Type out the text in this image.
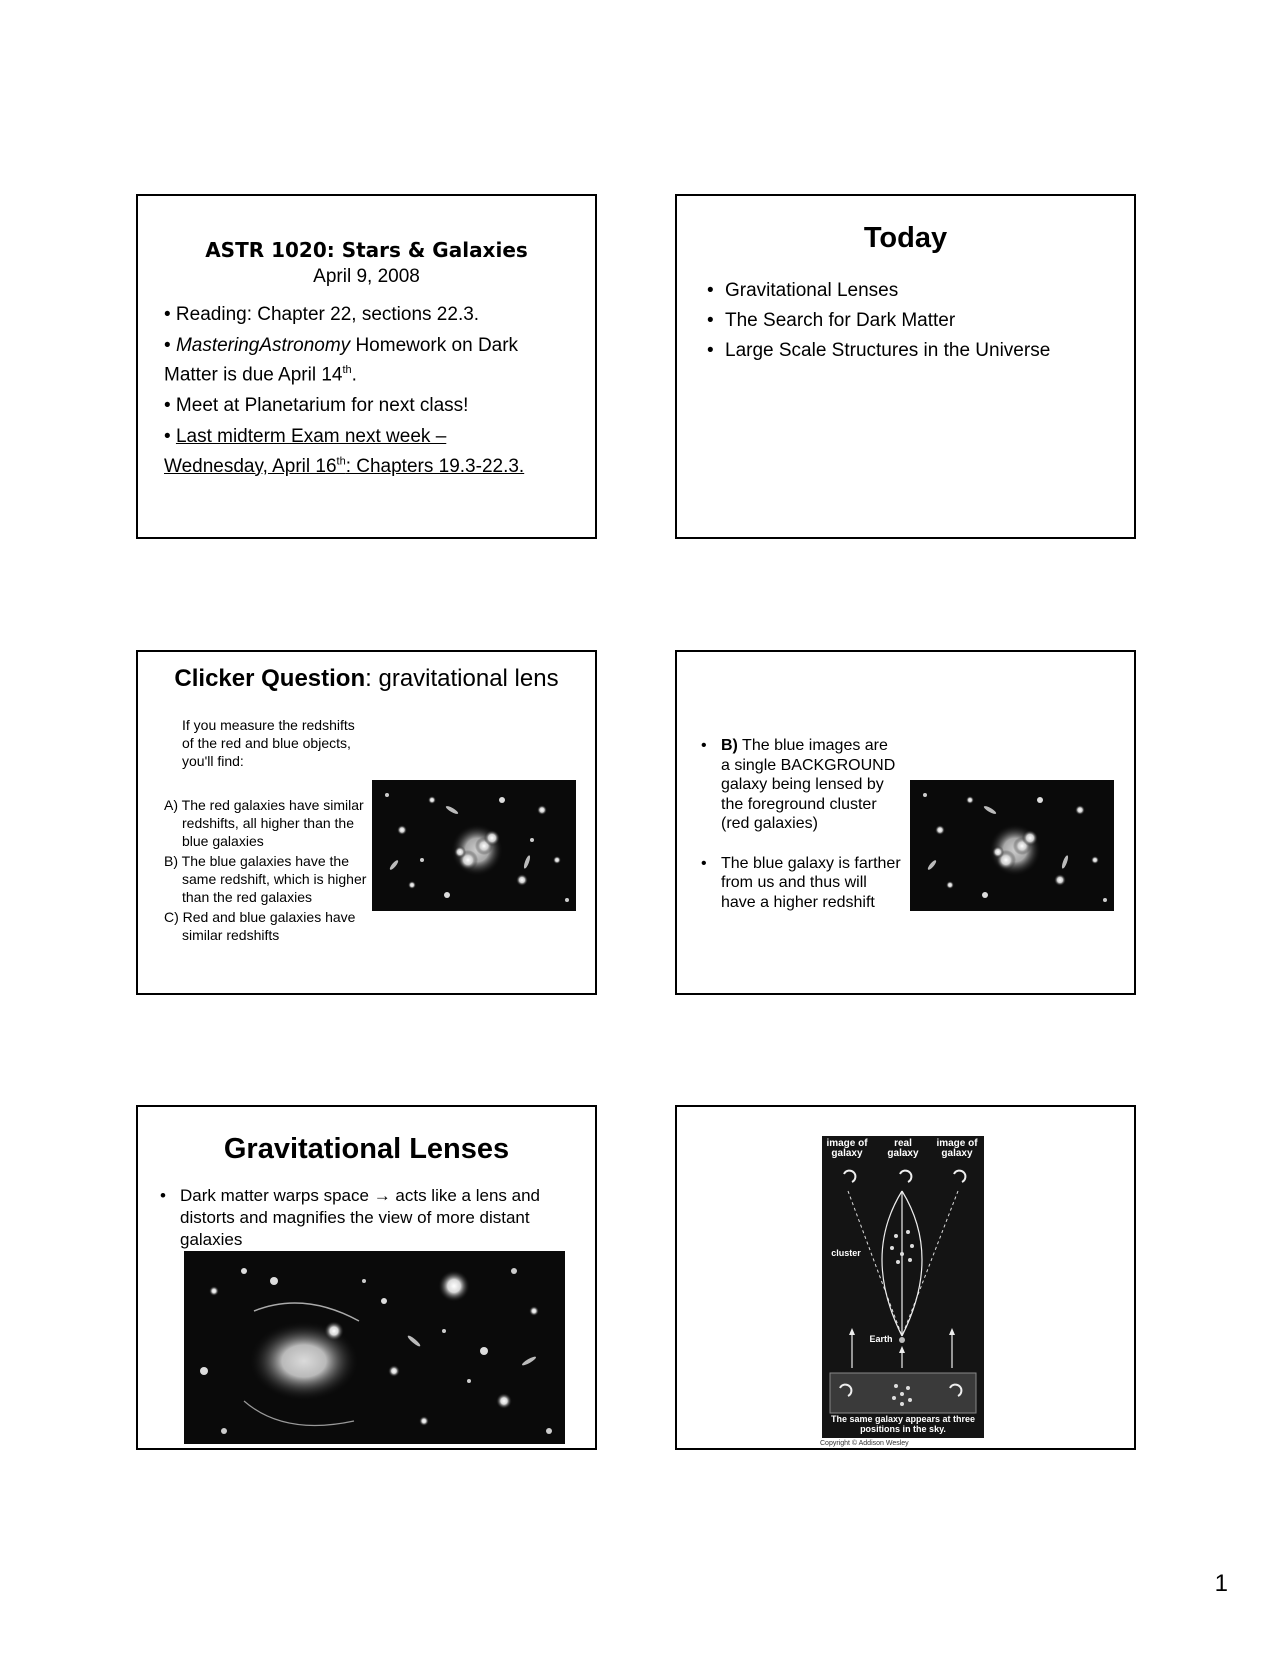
ASTR 1020: Stars & Galaxies
April 9, 2008
• Reading: Chapter 22, sections 22.3.
• MasteringAstronomy Homework on Dark Matter is due April 14th.
• Meet at Planetarium for next class!
• Last midterm Exam next week –
Wednesday, April 16th: Chapters 19.3-22.3.
Today
• Gravitational Lenses
• The Search for Dark Matter
• Large Scale Structures in the Universe
Clicker Question: gravitational lens
If you measure the redshifts of the red and blue objects, you'll find:
A) The red galaxies have similar redshifts, all higher than the blue galaxies
B) The blue galaxies have the same redshift, which is higher than the red galaxies
C) Red and blue galaxies have similar redshifts
• B) The blue images are a single BACKGROUND galaxy being lensed by the foreground cluster (red galaxies)
• The blue galaxy is farther from us and thus will have a higher redshift
Gravitational Lenses
• Dark matter warps space → acts like a lens and distorts and magnifies the view of more distant galaxies
image of galaxy
real galaxy
image of galaxy
cluster
Earth
The same galaxy appears at three positions in the sky.
Copyright © Addison Wesley
1
